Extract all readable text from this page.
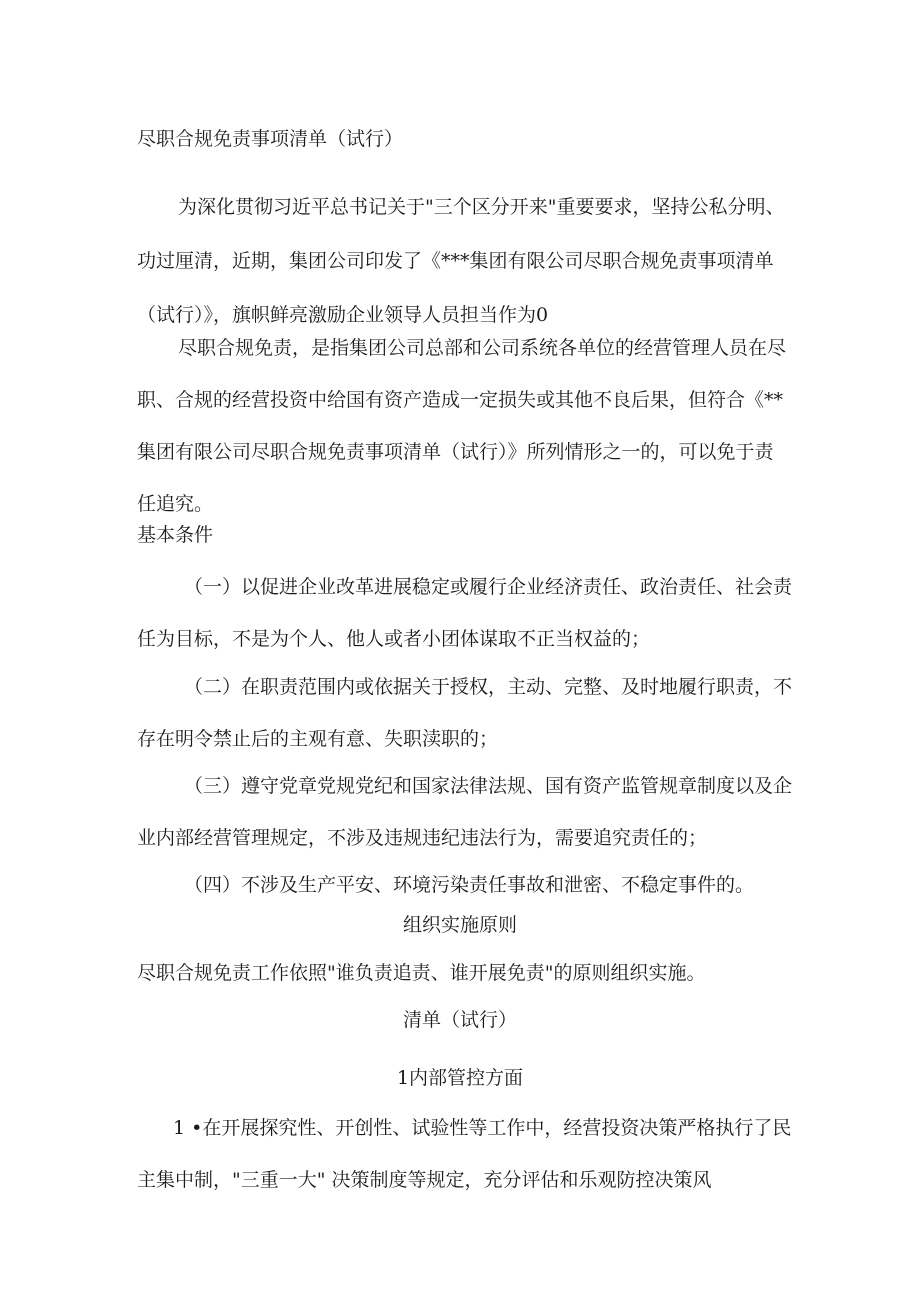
尽职合规免责事项清单（试行）
为深化贯彻习近平总书记关于"三个区分开来"重要要求，坚持公私分明、功过厘清，近期，集团公司印发了《***集团有限公司尽职合规免责事项清单（试行）》，旗帜鲜亮激励企业领导人员担当作为0
尽职合规免责，是指集团公司总部和公司系统各单位的经营管理人员在尽职、合规的经营投资中给国有资产造成一定损失或其他不良后果，但符合《**集团有限公司尽职合规免责事项清单（试行）》所列情形之一的，可以免于责任追究。
基本条件
（一）以促进企业改革进展稳定或履行企业经济责任、政治责任、社会责任为目标，不是为个人、他人或者小团体谋取不正当权益的；
（二）在职责范围内或依据关于授权，主动、完整、及时地履行职责，不存在明令禁止后的主观有意、失职渎职的；
（三）遵守党章党规党纪和国家法律法规、国有资产监管规章制度以及企业内部经营管理规定，不涉及违规违纪违法行为，需要追究责任的；
（四）不涉及生产平安、环境污染责任事故和泄密、不稳定事件的。
组织实施原则
尽职合规免责工作依照"谁负责追责、谁开展免责"的原则组织实施。
清单（试行）
1内部管控方面
1 •在开展探究性、开创性、试验性等工作中，经营投资决策严格执行了民主集中制，"三重一大" 决策制度等规定，充分评估和乐观防控决策风
